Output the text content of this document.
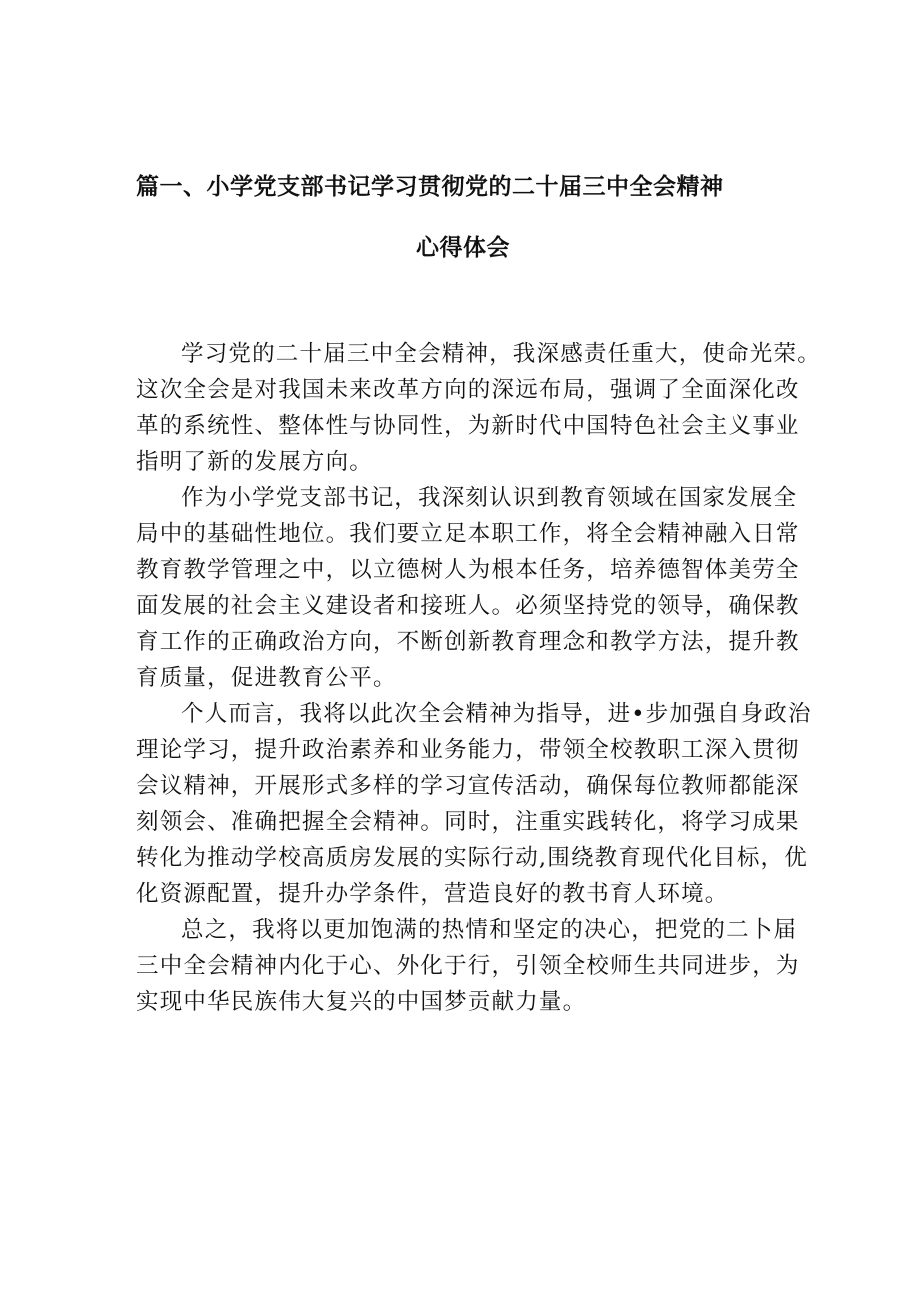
篇一、小学党支部书记学习贯彻党的二十届三中全会精神
心得体会
学习党的二十届三中全会精神，我深感责任重大，使命光荣。
这次全会是对我国未来改革方向的深远布局，强调了全面深化改
革的系统性、整体性与协同性，为新时代中国特色社会主义事业
指明了新的发展方向。
作为小学党支部书记，我深刻认识到教育领域在国家发展全
局中的基础性地位。我们要立足本职工作，将全会精神融入日常
教育教学管理之中，以立德树人为根本任务，培养德智体美劳全
面发展的社会主义建设者和接班人。必须坚持党的领导，确保教
育工作的正确政治方向，不断创新教育理念和教学方法，提升教
育质量，促进教育公平。
个人而言，我将以此次全会精神为指导，进•步加强自身政治
理论学习，提升政治素养和业务能力，带领全校教职工深入贯彻
会议精神，开展形式多样的学习宣传活动，确保每位教师都能深
刻领会、准确把握全会精神。同时，注重实践转化，将学习成果
转化为推动学校高质房发展的实际行动,围绕教育现代化目标，优
化资源配置，提升办学条件，营造良好的教书育人环境。
总之，我将以更加饱满的热情和坚定的决心，把党的二卜届
三中全会精神内化于心、外化于行，引领全校师生共同进步，为
实现中华民族伟大复兴的中国梦贡献力量。
